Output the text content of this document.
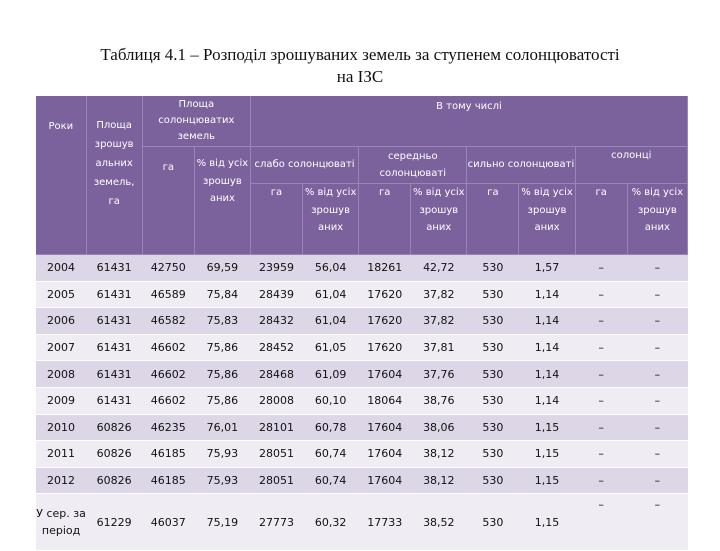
Таблиця 4.1 – Розподіл зрошуваних земель за ступенем солонцюватості
на ІЗС
Роки	Площа зрошув альних земель, га	Площа солонцюватих земель		В тому числі							
		га	% від усіх зрошув аних	слабо солонцюваті		середньо солонцюваті		сильно солонцюваті		солонці	
				га	% від усіх зрошув аних	га	% від усіх зрошув аних	га	% від усіх зрошув аних	га	% від усіх зрошув аних
2004	61431	42750	69,59	23959	56,04	18261	42,72	530	1,57	–	–
2005	61431	46589	75,84	28439	61,04	17620	37,82	530	1,14	–	–
2006	61431	46582	75,83	28432	61,04	17620	37,82	530	1,14	–	–
2007	61431	46602	75,86	28452	61,05	17620	37,81	530	1,14	–	–
2008	61431	46602	75,86	28468	61,09	17604	37,76	530	1,14	–	–
2009	61431	46602	75,86	28008	60,10	18064	38,76	530	1,14	–	–
2010	60826	46235	76,01	28101	60,78	17604	38,06	530	1,15	–	–
2011	60826	46185	75,93	28051	60,74	17604	38,12	530	1,15	–	–
2012	60826	46185	75,93	28051	60,74	17604	38,12	530	1,15	–	–
У сер. за період	61229	46037	75,19	27773	60,32	17733	38,52	530	1,15	–	–
